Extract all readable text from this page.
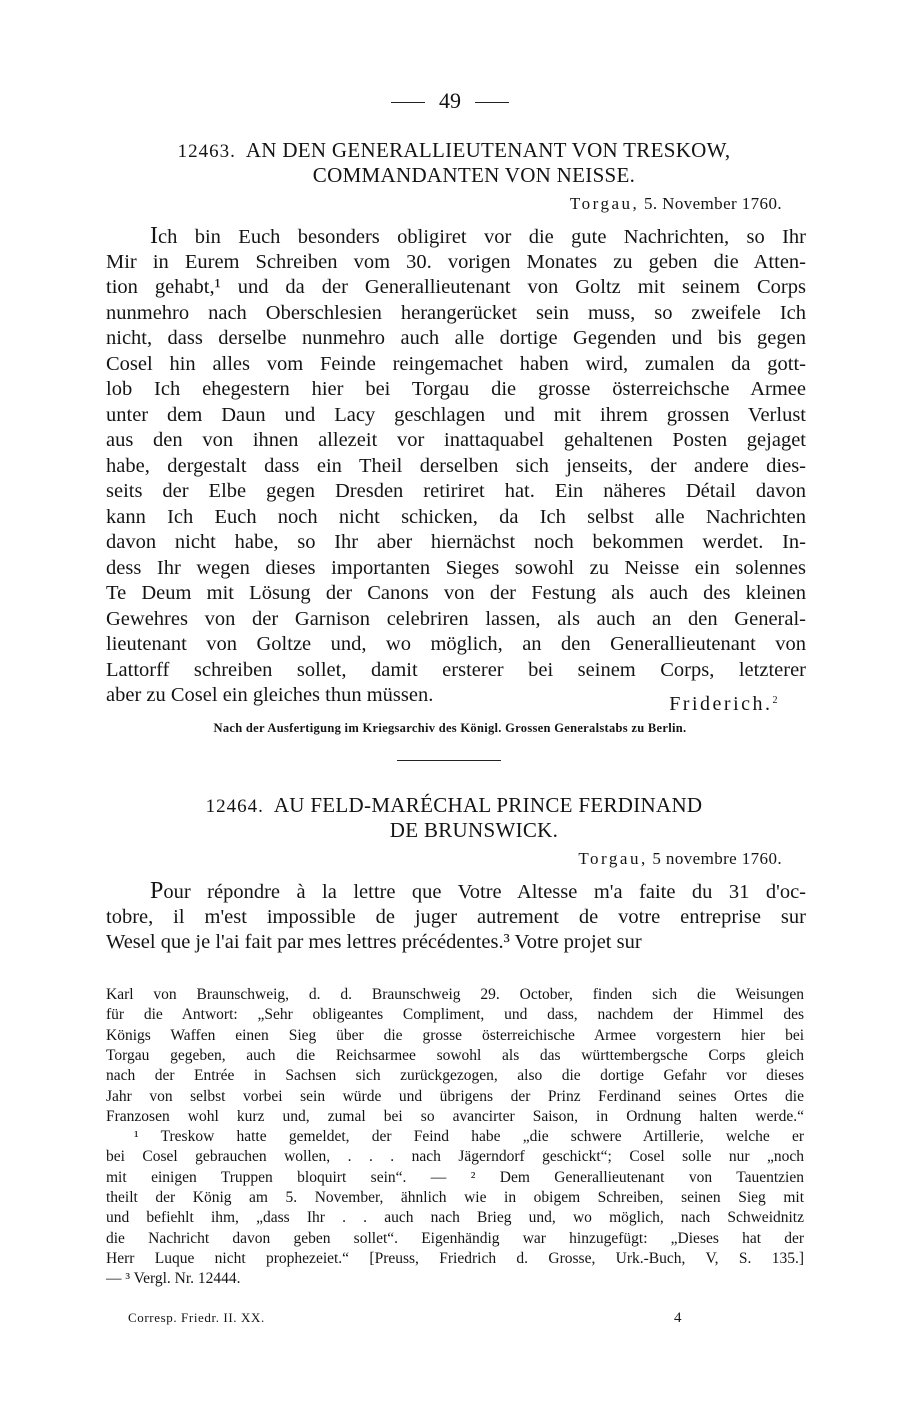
49
12463. AN DEN GENERALLIEUTENANT VON TRESKOW,
COMMANDANTEN VON NEISSE.
Torgau, 5. November 1760.
Ich bin Euch besonders obligiret vor die gute Nachrichten, so Ihr
Mir in Eurem Schreiben vom 30. vorigen Monates zu geben die Atten-
tion gehabt,¹ und da der Generallieutenant von Goltz mit seinem Corps
nunmehro nach Oberschlesien herangerücket sein muss, so zweifele Ich
nicht, dass derselbe nunmehro auch alle dortige Gegenden und bis gegen
Cosel hin alles vom Feinde reingemachet haben wird, zumalen da gott-
lob Ich ehegestern hier bei Torgau die grosse österreichsche Armee
unter dem Daun und Lacy geschlagen und mit ihrem grossen Verlust
aus den von ihnen allezeit vor inattaquabel gehaltenen Posten gejaget
habe, dergestalt dass ein Theil derselben sich jenseits, der andere dies-
seits der Elbe gegen Dresden retiriret hat. Ein näheres Détail davon
kann Ich Euch noch nicht schicken, da Ich selbst alle Nachrichten
davon nicht habe, so Ihr aber hiernächst noch bekommen werdet. In-
dess Ihr wegen dieses importanten Sieges sowohl zu Neisse ein solennes
Te Deum mit Lösung der Canons von der Festung als auch des kleinen
Gewehres von der Garnison celebriren lassen, als auch an den General-
lieutenant von Goltze und, wo möglich, an den Generallieutenant von
Lattorff schreiben sollet, damit ersterer bei seinem Corps, letzterer
aber zu Cosel ein gleiches thun müssen.	Friderich.$^2$
Nach der Ausfertigung im Kriegsarchiv des Königl. Grossen Generalstabs zu Berlin.
12464. AU FELD-MARÉCHAL PRINCE FERDINAND
DE BRUNSWICK.
Torgau, 5 novembre 1760.
Pour répondre à la lettre que Votre Altesse m'a faite du 31 d'oc-
tobre, il m'est impossible de juger autrement de votre entreprise sur
Wesel que je l'ai fait par mes lettres précédentes.³ Votre projet sur
Karl von Braunschweig, d. d. Braunschweig 29. October, finden sich die Weisungen
für die Antwort: „Sehr obligeantes Compliment, und dass, nachdem der Himmel des
Königs Waffen einen Sieg über die grosse österreichische Armee vorgestern hier bei
Torgau gegeben, auch die Reichsarmee sowohl als das württembergsche Corps gleich
nach der Entrée in Sachsen sich zurückgezogen, also die dortige Gefahr vor dieses
Jahr von selbst vorbei sein würde und übrigens der Prinz Ferdinand seines Ortes die
Franzosen wohl kurz und, zumal bei so avancirter Saison, in Ordnung halten werde.“
¹ Treskow hatte gemeldet, der Feind habe „die schwere Artillerie, welche er
bei Cosel gebrauchen wollen, . . . nach Jägerndorf geschickt“; Cosel solle nur „noch
mit einigen Truppen bloquirt sein“. — ² Dem Generallieutenant von Tauentzien
theilt der König am 5. November, ähnlich wie in obigem Schreiben, seinen Sieg mit
und befiehlt ihm, „dass Ihr . . auch nach Brieg und, wo möglich, nach Schweidnitz
die Nachricht davon geben sollet“. Eigenhändig war hinzugefügt: „Dieses hat der
Herr Luque nicht prophezeiet.“ [Preuss, Friedrich d. Grosse, Urk.-Buch, V, S. 135.]
— ³ Vergl. Nr. 12444.
Corresp. Friedr. II. XX.	4
